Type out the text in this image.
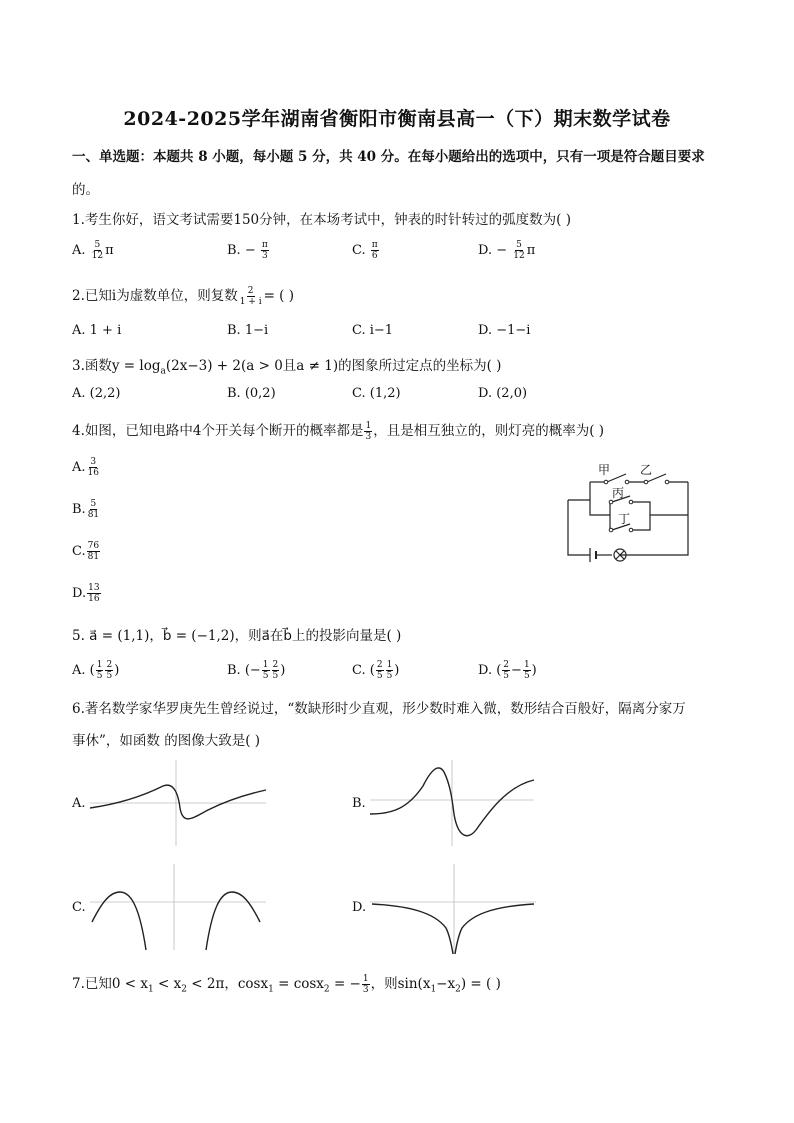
2024-2025学年湖南省衡阳市衡南县高一（下）期末数学试卷
一、单选题：本题共 8 小题，每小题 5 分，共 40 分。在每小题给出的选项中，只有一项是符合题目要求
的。
1.考生你好，语文考试需要150分钟，在本场考试中，钟表的时针转过的弧度数为( )
A. $\frac{5}{12}$ π	B. − $\frac{\pi}{3}$	C. $\frac{\pi}{6}$	D. − $\frac{5}{12}$ π
2.已知i为虚数单位，则复数 $\frac{2}{1 + i}$ = ( )
A. 1 + i	B. 1−i	C. i−1	D. −1−i
3.函数$y = \log_a(2x-3) + 2(a > 0$且a ≠ 1)的图象所过定点的坐标为( )
A. (2,2)	B. (0,2)	C. (1,2)	D. (2,0)
4.如图，已知电路中4个开关每个断开的概率都是 $\frac{1}{3}$ ，且是相互独立的，则灯亮的概率为( )
A. $\frac{3}{16}$
B. $\frac{5}{81}$
C. $\frac{76}{81}$
D. $\frac{13}{16}$
甲 乙
丙
丁
5. a⃗ = (1,1)，b⃗ = (−1,2)，则a⃗在b⃗上的投影向量是( )
A. ( $\frac{1}{5} \frac{2}{5}$ )	B. (− $\frac{1}{5} \frac{2}{5}$ )	C. ( $\frac{2}{5} \frac{1}{5}$ )	D. ( $\frac{2}{5} - \frac{1}{5}$ )
6.著名数学家华罗庚先生曾经说过，“数缺形时少直观，形少数时难入微，数形结合百般好，隔离分家万
事休”，如函数 的图像大致是( )
A.	B.
C.	D.
7.已知$0 < x_1 < x_2 < 2\pi$，cosx$_1$ = cosx$_2$ = − $\frac{1}{3}$ ，则$\sin(x_1-x_2)$ = ( )
